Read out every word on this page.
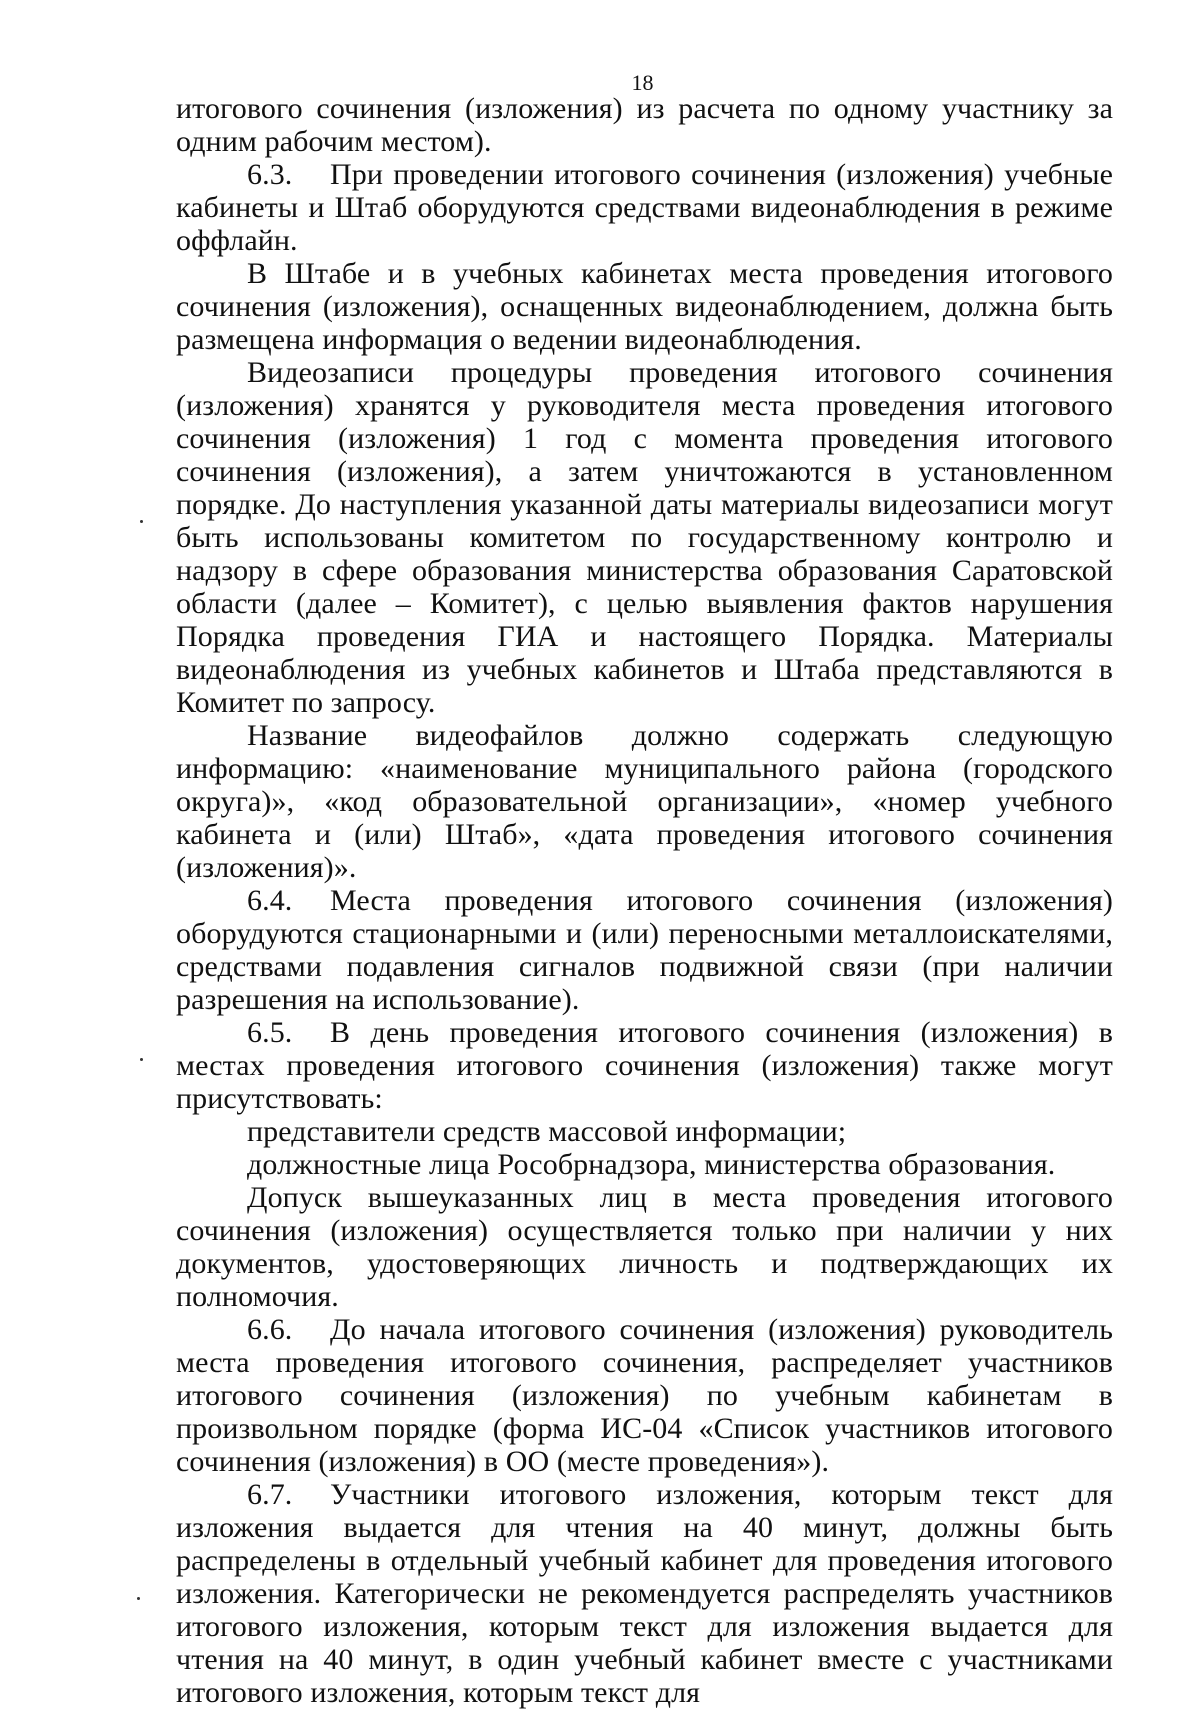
18

итогового сочинения (изложения) из расчета по одному участнику за одним рабочим местом).

6.3. При проведении итогового сочинения (изложения) учебные кабинеты и Штаб оборудуются средствами видеонаблюдения в режиме оффлайн.

В Штабе и в учебных кабинетах места проведения итогового сочинения (изложения), оснащенных видеонаблюдением, должна быть размещена информация о ведении видеонаблюдения.

Видеозаписи процедуры проведения итогового сочинения (изложения) хранятся у руководителя места проведения итогового сочинения (изложения) 1 год с момента проведения итогового сочинения (изложения), а затем уничтожаются в установленном порядке. До наступления указанной даты материалы видеозаписи могут быть использованы комитетом по государственному контролю и надзору в сфере образования министерства образования Саратовской области (далее – Комитет), с целью выявления фактов нарушения Порядка проведения ГИА и настоящего Порядка. Материалы видеонаблюдения из учебных кабинетов и Штаба представляются в Комитет по запросу.

Название видеофайлов должно содержать следующую информацию: «наименование муниципального района (городского округа)», «код образовательной организации», «номер учебного кабинета и (или) Штаб», «дата проведения итогового сочинения (изложения)».

6.4. Места проведения итогового сочинения (изложения) оборудуются стационарными и (или) переносными металлоискателями, средствами подавления сигналов подвижной связи (при наличии разрешения на использование).

6.5. В день проведения итогового сочинения (изложения) в местах проведения итогового сочинения (изложения) также могут присутствовать:

представители средств массовой информации;

должностные лица Рособрнадзора, министерства образования.

Допуск вышеуказанных лиц в места проведения итогового сочинения (изложения) осуществляется только при наличии у них документов, удостоверяющих личность и подтверждающих их полномочия.

6.6. До начала итогового сочинения (изложения) руководитель места проведения итогового сочинения, распределяет участников итогового сочинения (изложения) по учебным кабинетам в произвольном порядке (форма ИС-04 «Список участников итогового сочинения (изложения) в ОО (месте проведения»).

6.7. Участники итогового изложения, которым текст для изложения выдается для чтения на 40 минут, должны быть распределены в отдельный учебный кабинет для проведения итогового изложения. Категорически не рекомендуется распределять участников итогового изложения, которым текст для изложения выдается для чтения на 40 минут, в один учебный кабинет вместе с участниками итогового изложения, которым текст для
